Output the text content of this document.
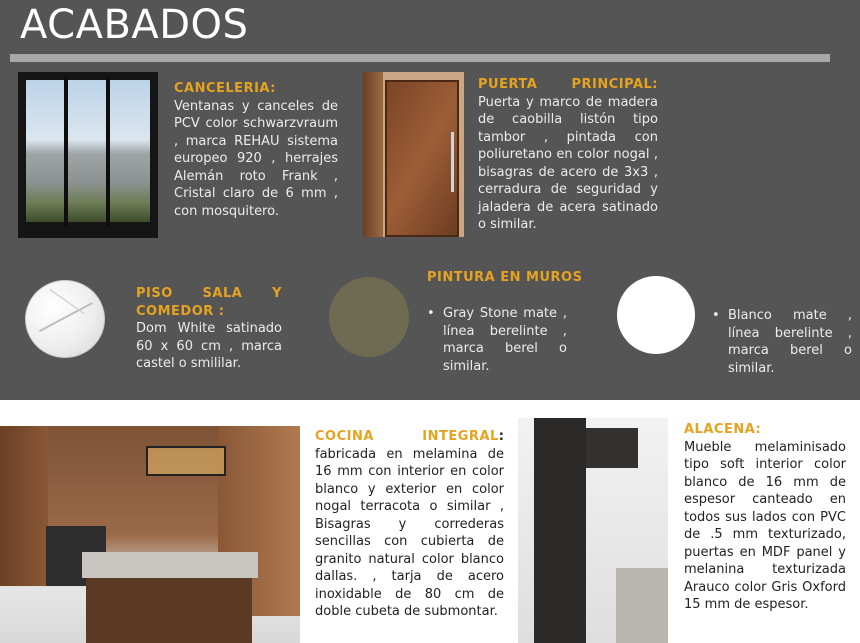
ACABADOS
CANCELERIA: Ventanas y canceles de PCV color schwarzvraum , marca REHAU sistema europeo 920 , herrajes Alemán roto Frank , Cristal claro de 6 mm , con mosquitero.
PUERTA PRINCIPAL:
Puerta y marco de madera de caobilla listón tipo tambor , pintada con poliuretano en color nogal , bisagras de acero de 3x3 , cerradura de seguridad y jaladera de acera satinado o similar.
PISO SALA Y COMEDOR :
Dom White satinado 60 x 60 cm , marca castel o smililar.
PINTURA EN MUROS
• Gray Stone mate , línea berelinte , marca berel o similar.
• Blanco mate , línea berelinte , marca berel o similar.
COCINA INTEGRAL:
fabricada en melamina de 16 mm con interior en color blanco y exterior en color nogal terracota o similar , Bisagras y correderas sencillas con cubierta de granito natural color blanco dallas. , tarja de acero inoxidable de 80 cm de doble cubeta de submontar.
ALACENA:
Mueble melaminisado tipo soft interior color blanco de 16 mm de espesor canteado en todos sus lados con PVC de .5 mm texturizado, puertas en MDF panel y melanina texturizada Arauco color Gris Oxford 15 mm de espesor.
